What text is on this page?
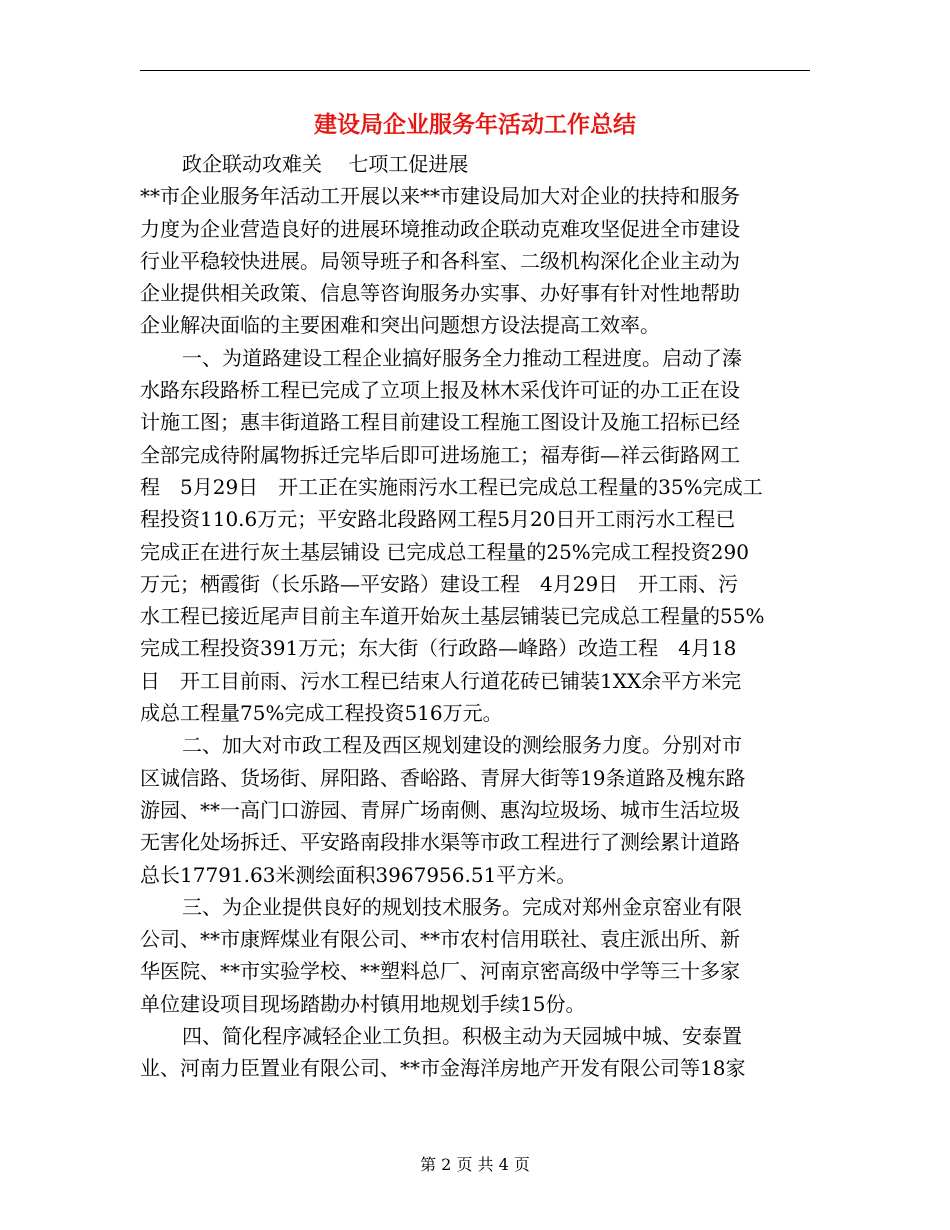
建设局企业服务年活动工作总结
政企联动攻难关　 七项工促进展
**市企业服务年活动工开展以来**市建设局加大对企业的扶持和服务
力度为企业营造良好的进展环境推动政企联动克难攻坚促进全市建设
行业平稳较快进展。局领导班子和各科室、二级机构深化企业主动为
企业提供相关政策、信息等咨询服务办实事、办好事有针对性地帮助
企业解决面临的主要困难和突出问题想方设法提高工效率。
一、为道路建设工程企业搞好服务全力推动工程进度。启动了溱
水路东段路桥工程已完成了立项上报及林木采伐许可证的办工正在设
计施工图；惠丰街道路工程目前建设工程施工图设计及施工招标已经
全部完成待附属物拆迁完毕后即可进场施工；福寿街—祥云街路网工
程　5月29日　开工正在实施雨污水工程已完成总工程量的35%完成工
程投资110.6万元；平安路北段路网工程5月20日开工雨污水工程已
完成正在进行灰土基层铺设 已完成总工程量的25%完成工程投资290
万元；栖霞街（长乐路—平安路）建设工程　4月29日　开工雨、污
水工程已接近尾声目前主车道开始灰土基层铺装已完成总工程量的55%
完成工程投资391万元；东大街（行政路—峰路）改造工程　4月18
日　开工目前雨、污水工程已结束人行道花砖已铺装1XX余平方米完
成总工程量75%完成工程投资516万元。
二、加大对市政工程及西区规划建设的测绘服务力度。分别对市
区诚信路、货场街、屏阳路、香峪路、青屏大街等19条道路及槐东路
游园、**一高门口游园、青屏广场南侧、惠沟垃圾场、城市生活垃圾
无害化处场拆迁、平安路南段排水渠等市政工程进行了测绘累计道路
总长17791.63米测绘面积3967956.51平方米。
三、为企业提供良好的规划技术服务。完成对郑州金京窑业有限
公司、**市康辉煤业有限公司、**市农村信用联社、袁庄派出所、新
华医院、**市实验学校、**塑料总厂、河南京密高级中学等三十多家
单位建设项目现场踏勘办村镇用地规划手续15份。
四、简化程序减轻企业工负担。积极主动为天园城中城、安泰置
业、河南力臣置业有限公司、**市金海洋房地产开发有限公司等18家
第 2 页 共 4 页
